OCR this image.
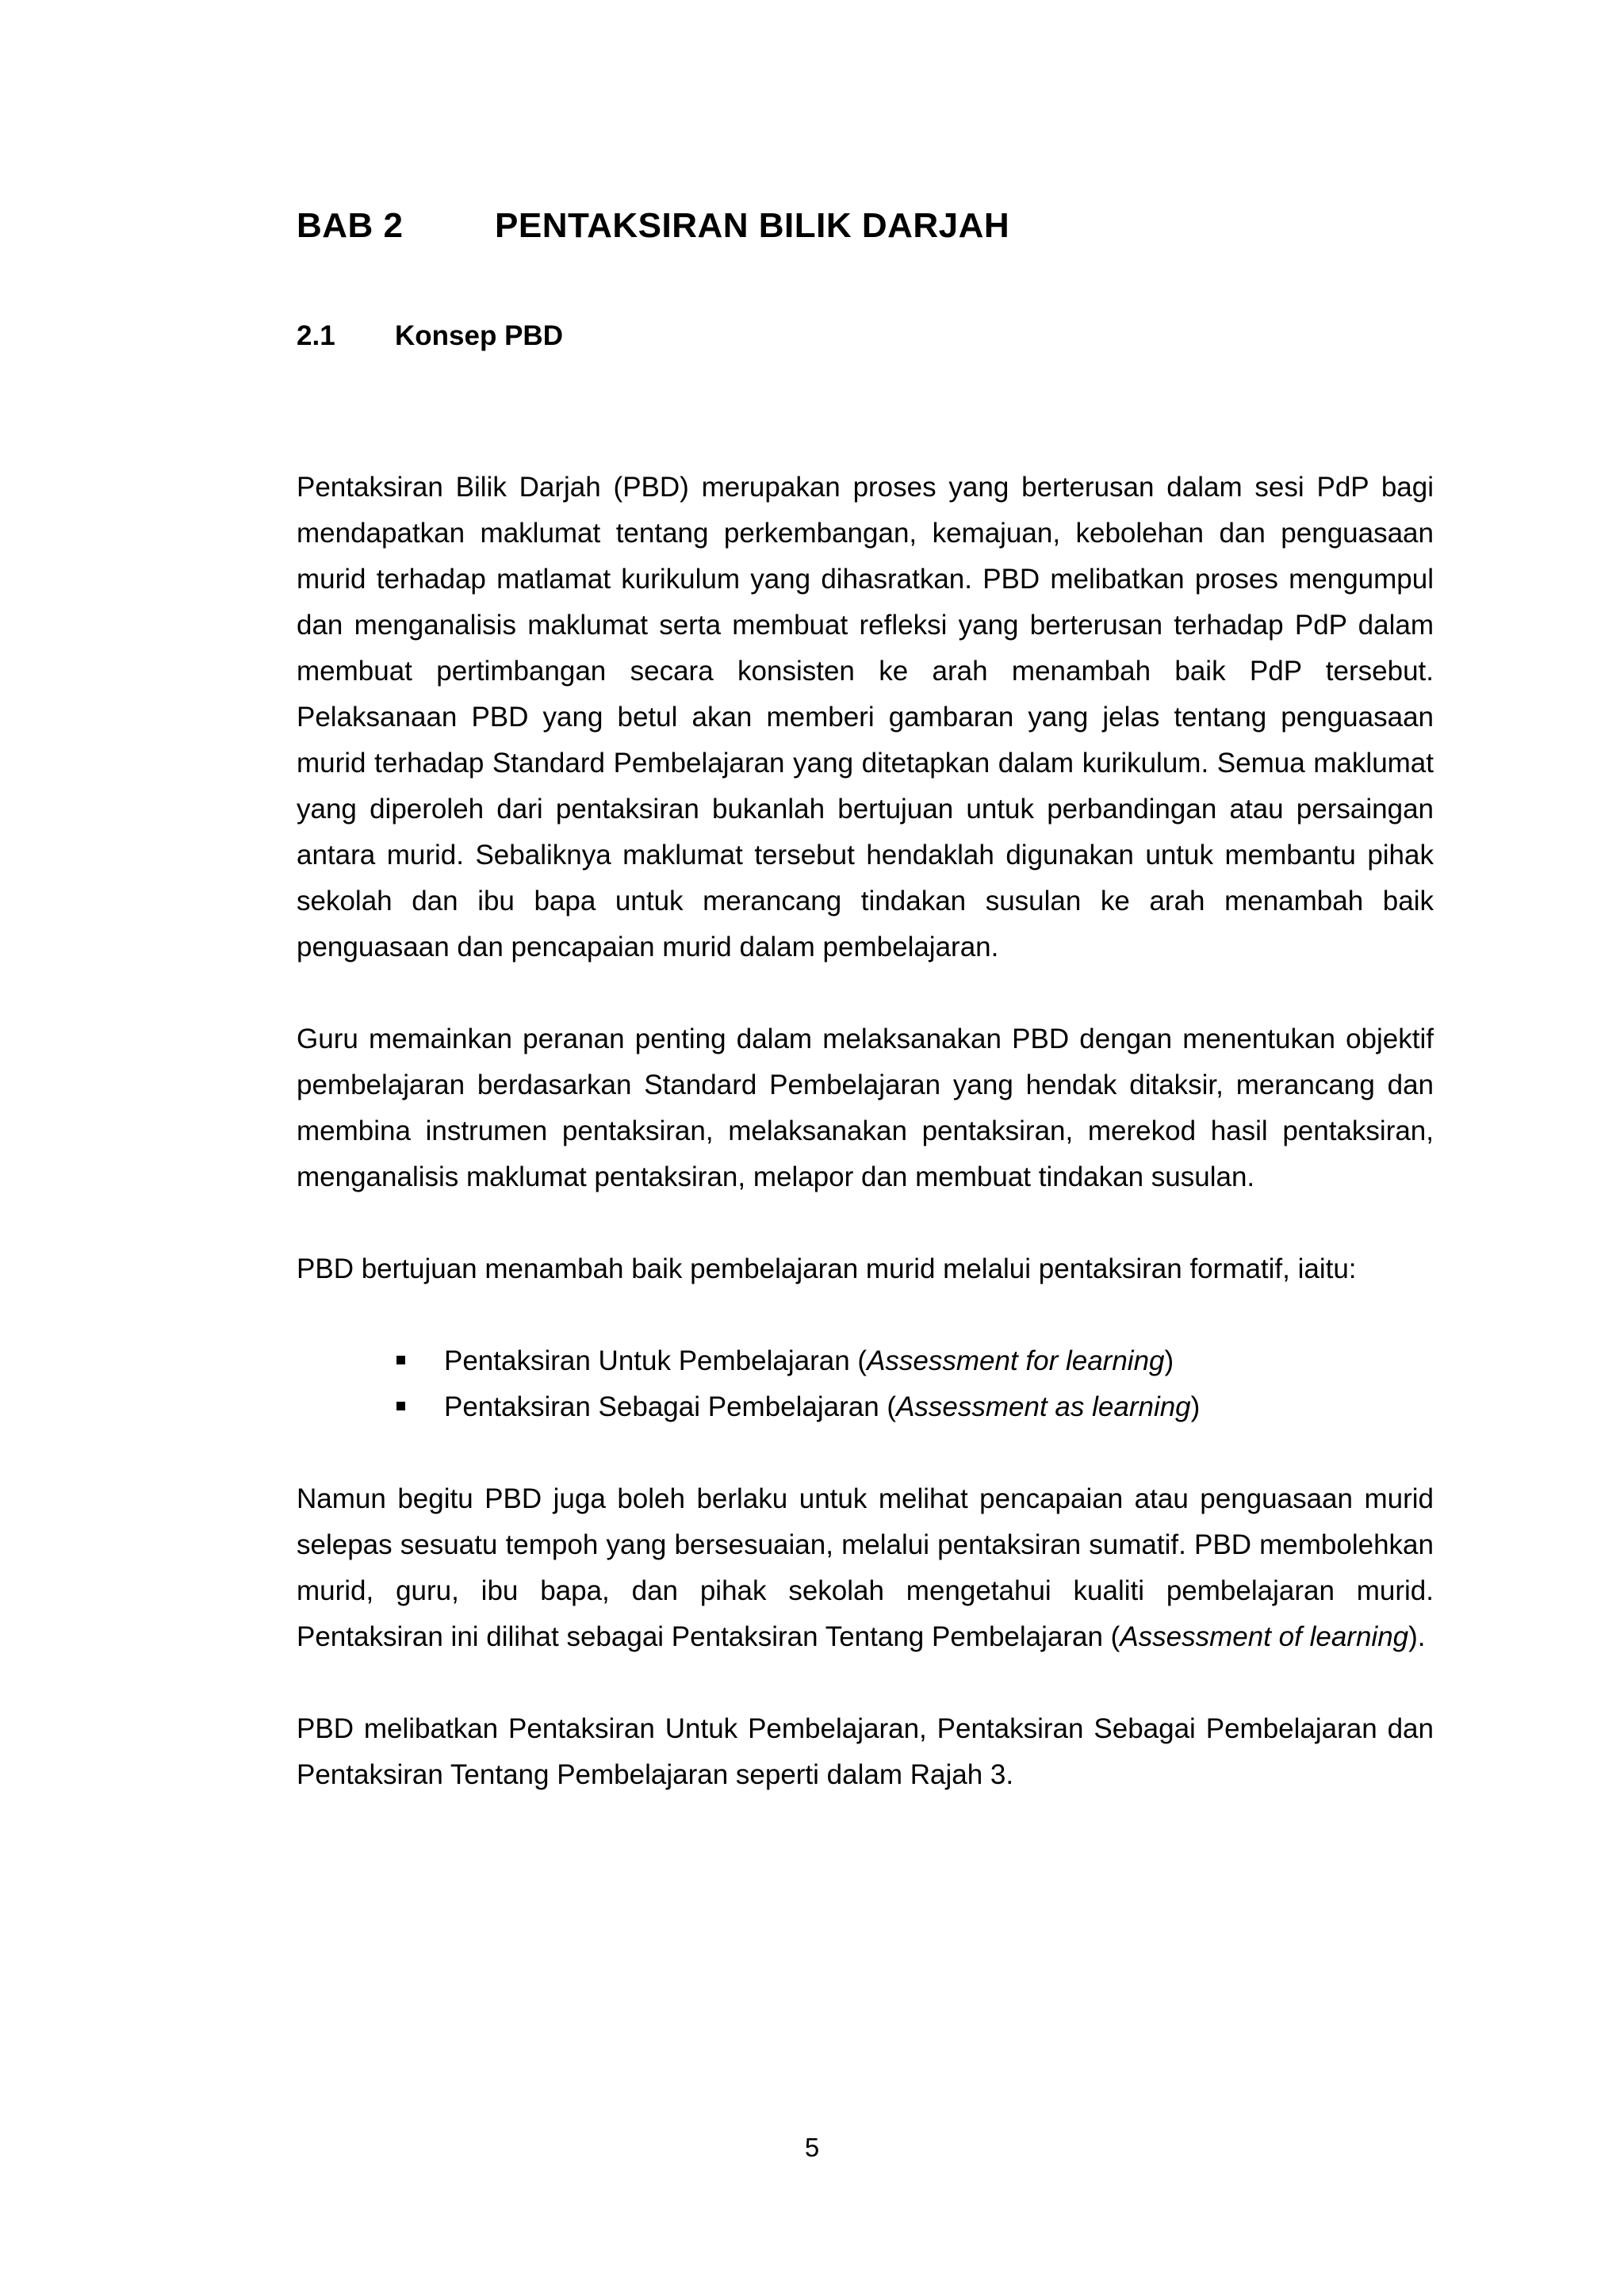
BAB 2	PENTAKSIRAN BILIK DARJAH
2.1 Konsep PBD

Pentaksiran Bilik Darjah (PBD) merupakan proses yang berterusan dalam sesi PdP bagi mendapatkan maklumat tentang perkembangan, kemajuan, kebolehan dan penguasaan murid terhadap matlamat kurikulum yang dihasratkan. PBD melibatkan proses mengumpul dan menganalisis maklumat serta membuat refleksi yang berterusan terhadap PdP dalam membuat pertimbangan secara konsisten ke arah menambah baik PdP tersebut. Pelaksanaan PBD yang betul akan memberi gambaran yang jelas tentang penguasaan murid terhadap Standard Pembelajaran yang ditetapkan dalam kurikulum. Semua maklumat yang diperoleh dari pentaksiran bukanlah bertujuan untuk perbandingan atau persaingan antara murid. Sebaliknya maklumat tersebut hendaklah digunakan untuk membantu pihak sekolah dan ibu bapa untuk merancang tindakan susulan ke arah menambah baik penguasaan dan pencapaian murid dalam pembelajaran.

Guru memainkan peranan penting dalam melaksanakan PBD dengan menentukan objektif pembelajaran berdasarkan Standard Pembelajaran yang hendak ditaksir, merancang dan membina instrumen pentaksiran, melaksanakan pentaksiran, merekod hasil pentaksiran, menganalisis maklumat pentaksiran, melapor dan membuat tindakan susulan.

PBD bertujuan menambah baik pembelajaran murid melalui pentaksiran formatif, iaitu:

Pentaksiran Untuk Pembelajaran (Assessment for learning)
Pentaksiran Sebagai Pembelajaran (Assessment as learning)

Namun begitu PBD juga boleh berlaku untuk melihat pencapaian atau penguasaan murid selepas sesuatu tempoh yang bersesuaian, melalui pentaksiran sumatif. PBD membolehkan murid, guru, ibu bapa, dan pihak sekolah mengetahui kualiti pembelajaran murid. Pentaksiran ini dilihat sebagai Pentaksiran Tentang Pembelajaran (Assessment of learning).

PBD melibatkan Pentaksiran Untuk Pembelajaran, Pentaksiran Sebagai Pembelajaran dan Pentaksiran Tentang Pembelajaran seperti dalam Rajah 3.

5
